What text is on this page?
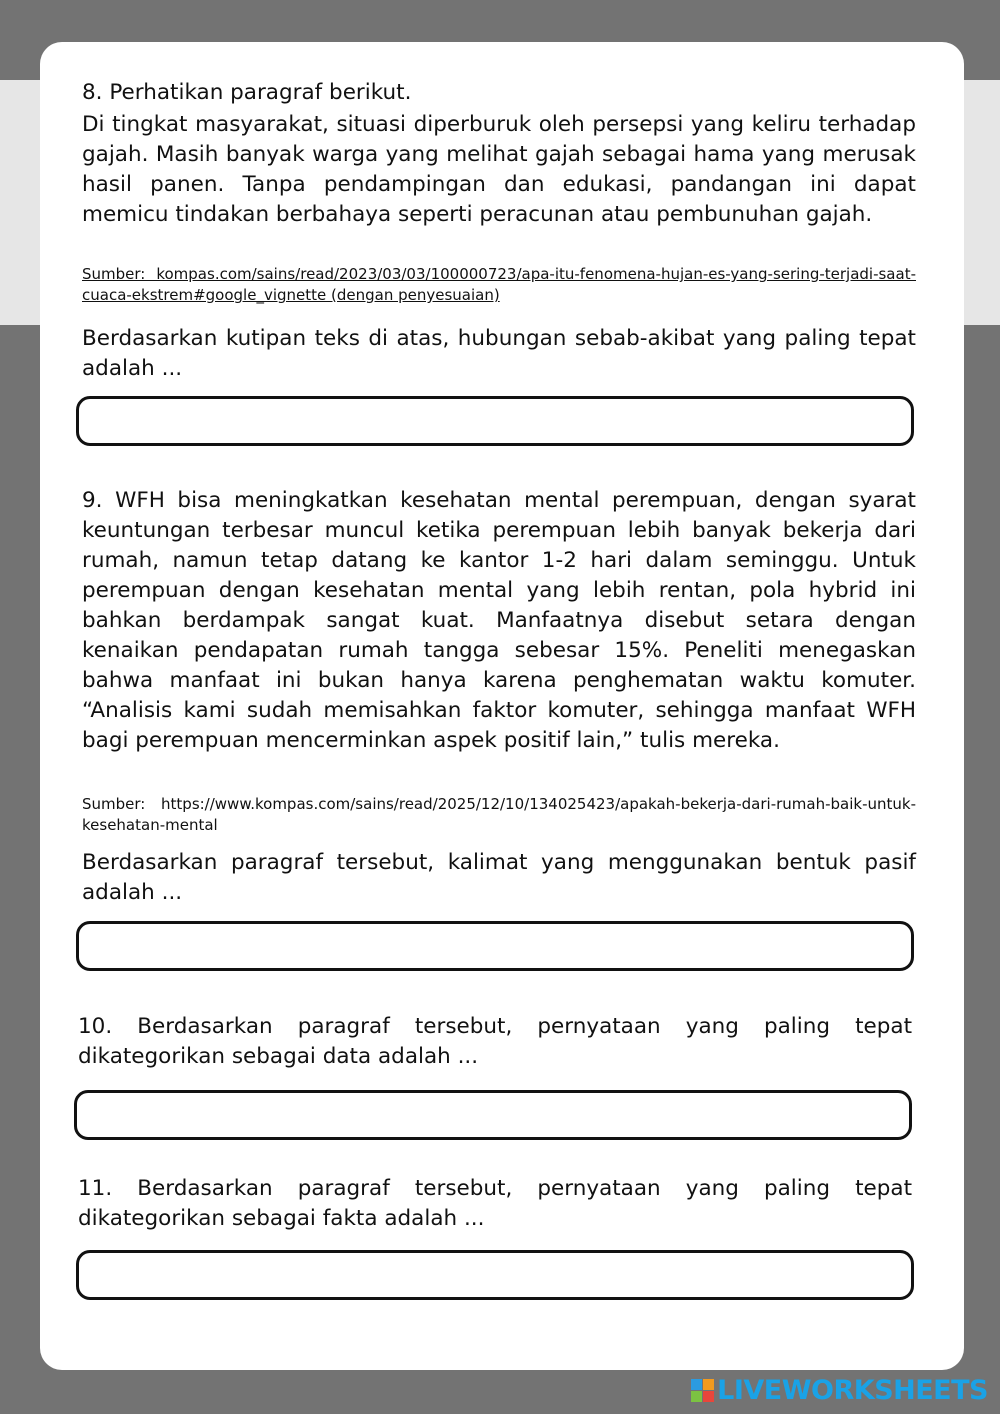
8. Perhatikan paragraf berikut.
Di tingkat masyarakat, situasi diperburuk oleh persepsi yang keliru terhadap gajah. Masih banyak warga yang melihat gajah sebagai hama yang merusak hasil panen. Tanpa pendampingan dan edukasi, pandangan ini dapat memicu tindakan berbahaya seperti peracunan atau pembunuhan gajah.
Sumber: kompas.com/sains/read/2023/03/03/100000723/apa-itu-fenomena-hujan-es-yang-sering-terjadi-saat-cuaca-ekstrem#google_vignette (dengan penyesuaian)
Berdasarkan kutipan teks di atas, hubungan sebab-akibat yang paling tepat adalah ...
9. WFH bisa meningkatkan kesehatan mental perempuan, dengan syarat keuntungan terbesar muncul ketika perempuan lebih banyak bekerja dari rumah, namun tetap datang ke kantor 1-2 hari dalam seminggu. Untuk perempuan dengan kesehatan mental yang lebih rentan, pola hybrid ini bahkan berdampak sangat kuat. Manfaatnya disebut setara dengan kenaikan pendapatan rumah tangga sebesar 15%. Peneliti menegaskan bahwa manfaat ini bukan hanya karena penghematan waktu komuter. “Analisis kami sudah memisahkan faktor komuter, sehingga manfaat WFH bagi perempuan mencerminkan aspek positif lain,” tulis mereka.
Sumber: https://www.kompas.com/sains/read/2025/12/10/134025423/apakah-bekerja-dari-rumah-baik-untuk-kesehatan-mental
Berdasarkan paragraf tersebut, kalimat yang menggunakan bentuk pasif adalah ...
10. Berdasarkan paragraf tersebut, pernyataan yang paling tepat dikategorikan sebagai data adalah ...
11. Berdasarkan paragraf tersebut, pernyataan yang paling tepat dikategorikan sebagai fakta adalah ...
LIVEWORKSHEETS
